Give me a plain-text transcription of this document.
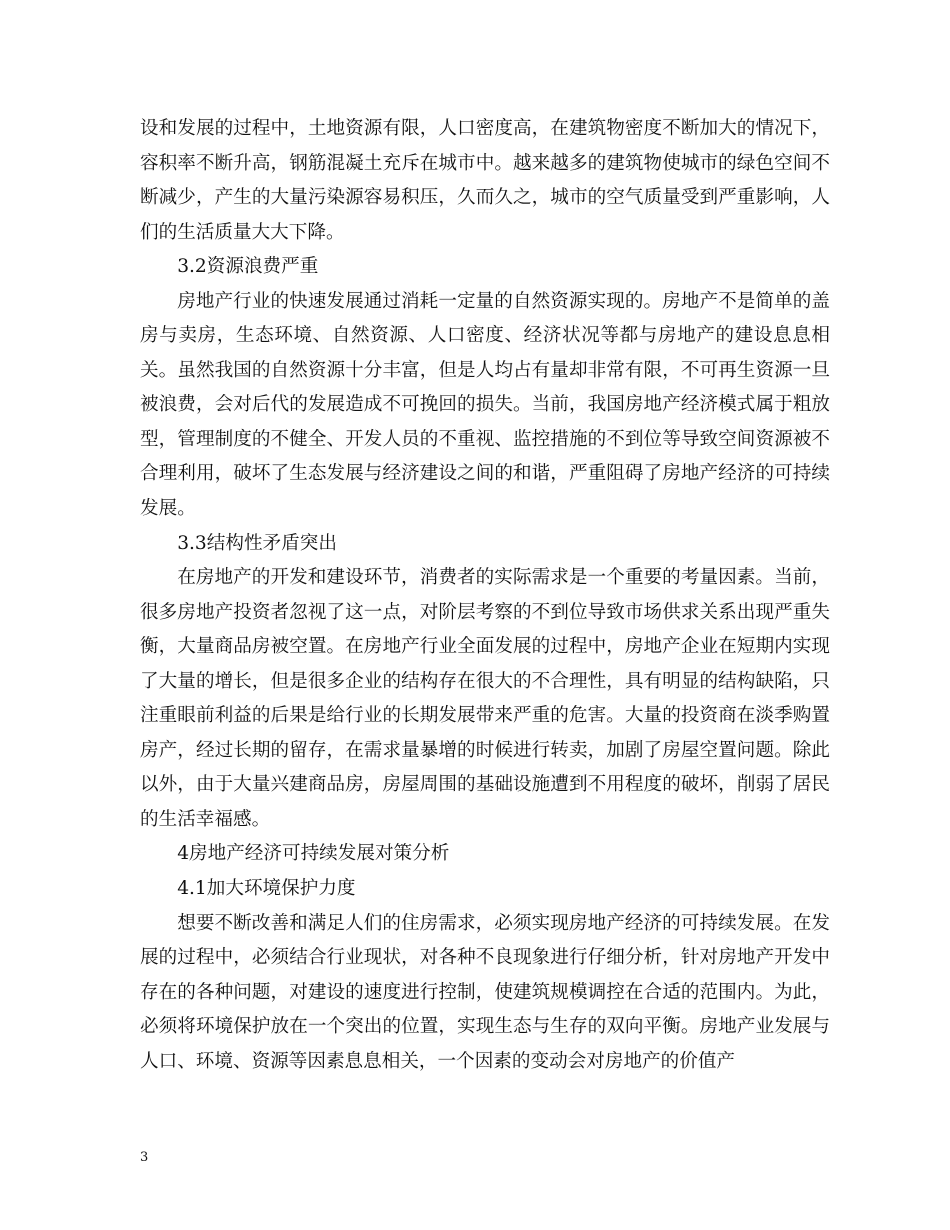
设和发展的过程中，土地资源有限，人口密度高，在建筑物密度不断加大的情况下，容积率不断升高，钢筋混凝土充斥在城市中。越来越多的建筑物使城市的绿色空间不断减少，产生的大量污染源容易积压，久而久之，城市的空气质量受到严重影响，人们的生活质量大大下降。

3.2资源浪费严重

房地产行业的快速发展通过消耗一定量的自然资源实现的。房地产不是简单的盖房与卖房，生态环境、自然资源、人口密度、经济状况等都与房地产的建设息息相关。虽然我国的自然资源十分丰富，但是人均占有量却非常有限，不可再生资源一旦被浪费，会对后代的发展造成不可挽回的损失。当前，我国房地产经济模式属于粗放型，管理制度的不健全、开发人员的不重视、监控措施的不到位等导致空间资源被不合理利用，破坏了生态发展与经济建设之间的和谐，严重阻碍了房地产经济的可持续发展。

3.3结构性矛盾突出

在房地产的开发和建设环节，消费者的实际需求是一个重要的考量因素。当前，很多房地产投资者忽视了这一点，对阶层考察的不到位导致市场供求关系出现严重失衡，大量商品房被空置。在房地产行业全面发展的过程中，房地产企业在短期内实现了大量的增长，但是很多企业的结构存在很大的不合理性，具有明显的结构缺陷，只注重眼前利益的后果是给行业的长期发展带来严重的危害。大量的投资商在淡季购置房产，经过长期的留存，在需求量暴增的时候进行转卖，加剧了房屋空置问题。除此以外，由于大量兴建商品房，房屋周围的基础设施遭到不用程度的破坏，削弱了居民的生活幸福感。

4房地产经济可持续发展对策分析

4.1加大环境保护力度

想要不断改善和满足人们的住房需求，必须实现房地产经济的可持续发展。在发展的过程中，必须结合行业现状，对各种不良现象进行仔细分析，针对房地产开发中存在的各种问题，对建设的速度进行控制，使建筑规模调控在合适的范围内。为此，必须将环境保护放在一个突出的位置，实现生态与生存的双向平衡。房地产业发展与人口、环境、资源等因素息息相关，一个因素的变动会对房地产的价值产

3
